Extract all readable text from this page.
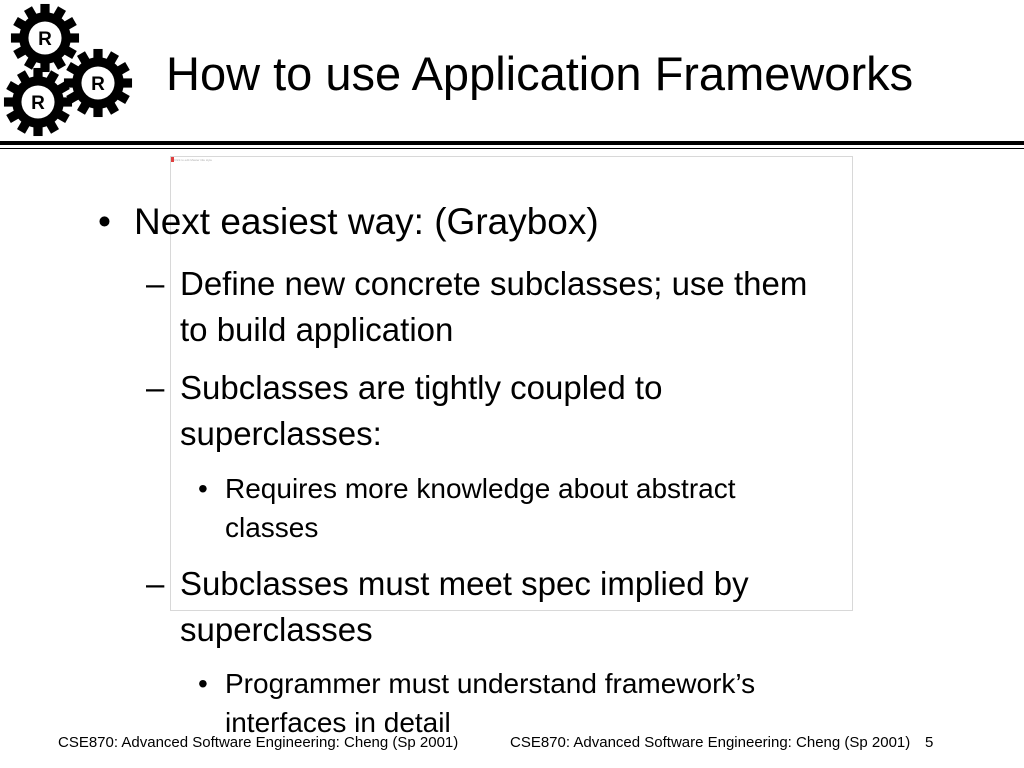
R
R
R
How to use Application Frameworks
Click to edit Master title style
• Next easiest way: (Graybox)
– Define new concrete subclasses; use them
to build application
– Subclasses are tightly coupled to
superclasses:
• Requires more knowledge about abstract
classes
– Subclasses must meet spec implied by
superclasses
• Programmer must understand framework’s
interfaces in detail
CSE870: Advanced Software Engineering: Cheng (Sp 2001)	CSE870: Advanced Software Engineering: Cheng (Sp 2001) 5
